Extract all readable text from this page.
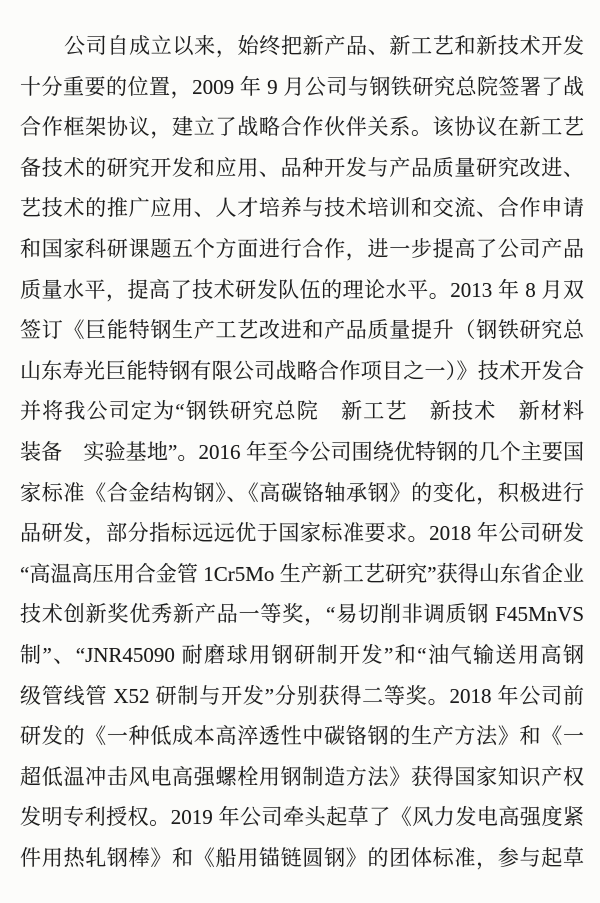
公司自成立以来，始终把新产品、新工艺和新技术开发
十分重要的位置，2009 年 9 月公司与钢铁研究总院签署了战
合作框架协议，建立了战略合作伙伴关系。该协议在新工艺
备技术的研究开发和应用、品种开发与产品质量研究改进、
艺技术的推广应用、人才培养与技术培训和交流、合作申请
和国家科研课题五个方面进行合作，进一步提高了公司产品
质量水平，提高了技术研发队伍的理论水平。2013 年 8 月双
签订《巨能特钢生产工艺改进和产品质量提升（钢铁研究总
山东寿光巨能特钢有限公司战略合作项目之一）》技术开发合
并将我公司定为“钢铁研究总院　新工艺　新技术　新材料　
装备　实验基地”。2016 年至今公司围绕优特钢的几个主要国
家标准《合金结构钢》、《高碳铬轴承钢》的变化，积极进行
品研发，部分指标远远优于国家标准要求。2018 年公司研发
“高温高压用合金管 1Cr5Mo 生产新工艺研究”获得山东省企业
技术创新奖优秀新产品一等奖，“易切削非调质钢 F45MnVS
制”、“JNR45090 耐磨球用钢研制开发”和“油气输送用高钢
级管线管 X52 研制与开发”分别获得二等奖。2018 年公司前
研发的《一种低成本高淬透性中碳铬钢的生产方法》和《一
超低温冲击风电高强螺栓用钢制造方法》获得国家知识产权
发明专利授权。2019 年公司牵头起草了《风力发电高强度紧
件用热轧钢棒》和《船用锚链圆钢》的团体标准，参与起草
